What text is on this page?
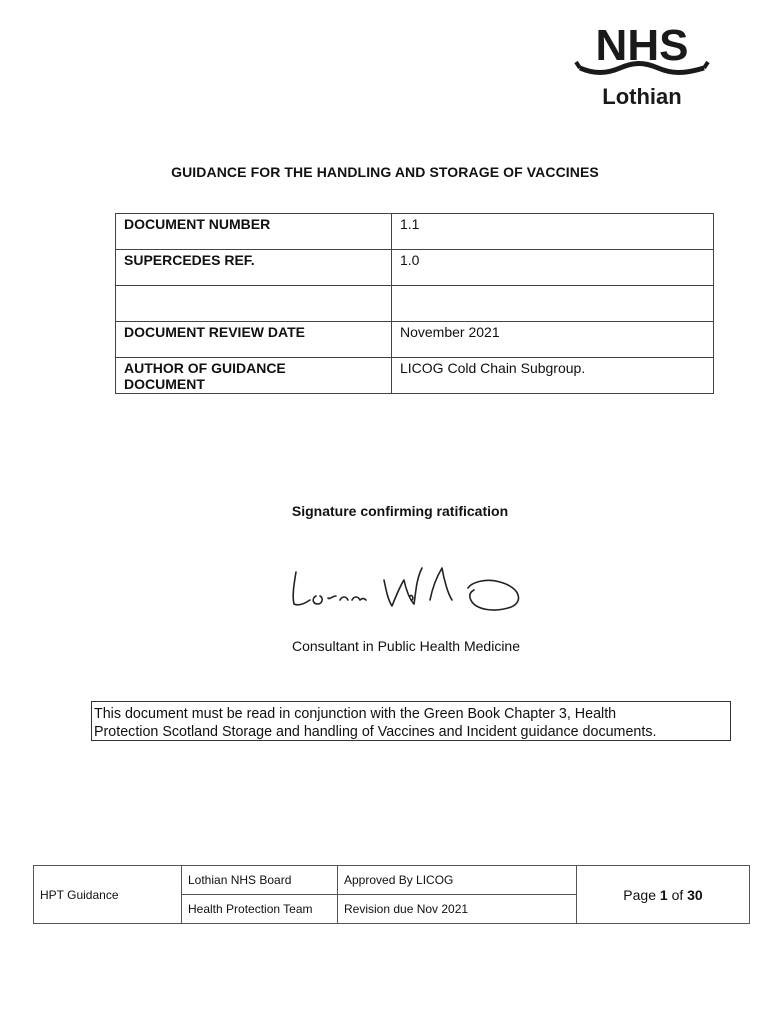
NHS
Lothian
GUIDANCE FOR THE HANDLING AND STORAGE OF VACCINES
DOCUMENT NUMBER	1.1

SUPERCEDES REF.	1.0

DOCUMENT REVIEW DATE	November 2021

AUTHOR OF GUIDANCE
DOCUMENT	LICOG Cold Chain Subgroup.
Signature confirming ratification
Consultant in Public Health Medicine
This document must be read in conjunction with the Green Book Chapter 3, Health
Protection Scotland Storage and handling of Vaccines and Incident guidance documents.
HPT Guidance	Lothian NHS Board	Approved By LICOG	Page 1 of 30
	Health Protection Team	Revision due Nov 2021	
